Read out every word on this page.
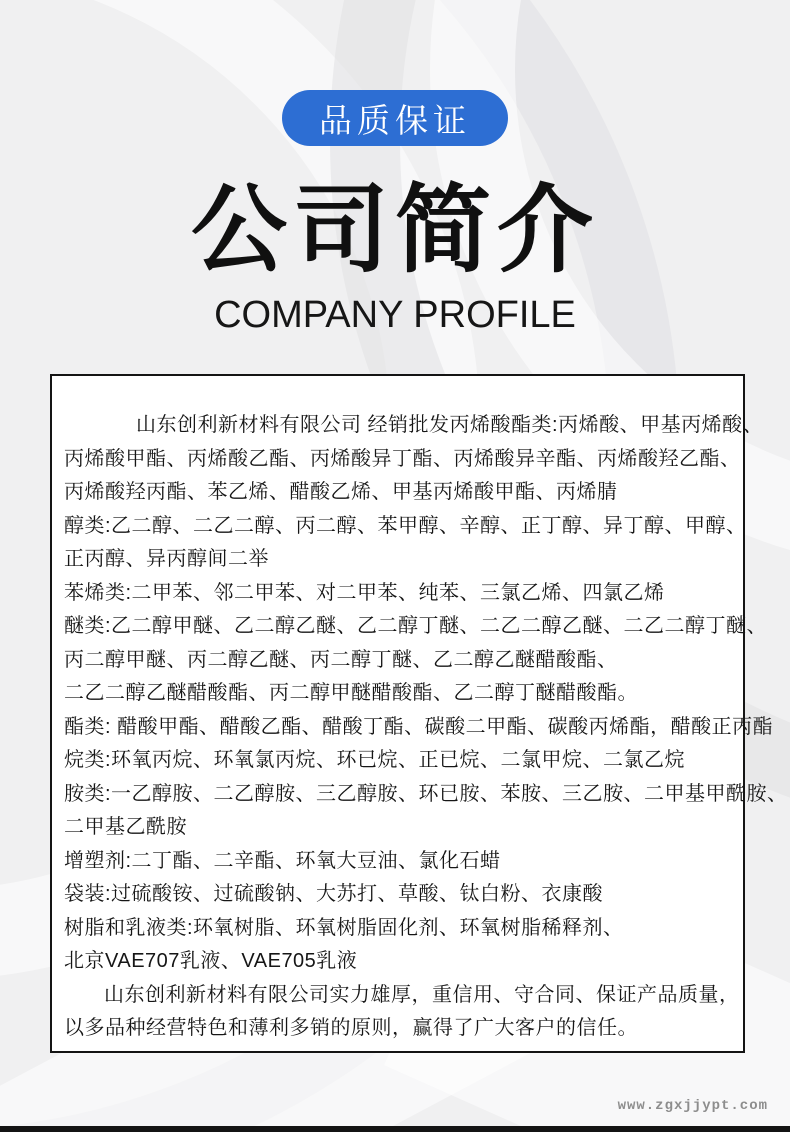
品质保证
公司简介
COMPANY PROFILE
山东创利新材料有限公司 经销批发丙烯酸酯类:丙烯酸、甲基丙烯酸、
丙烯酸甲酯、丙烯酸乙酯、丙烯酸异丁酯、丙烯酸异辛酯、丙烯酸羟乙酯、
丙烯酸羟丙酯、苯乙烯、醋酸乙烯、甲基丙烯酸甲酯、丙烯腈
醇类:乙二醇、二乙二醇、丙二醇、苯甲醇、辛醇、正丁醇、异丁醇、甲醇、
正丙醇、异丙醇间二举
苯烯类:二甲苯、邻二甲苯、对二甲苯、纯苯、三氯乙烯、四氯乙烯
醚类:乙二醇甲醚、乙二醇乙醚、乙二醇丁醚、二乙二醇乙醚、二乙二醇丁醚、
丙二醇甲醚、丙二醇乙醚、丙二醇丁醚、乙二醇乙醚醋酸酯、
二乙二醇乙醚醋酸酯、丙二醇甲醚醋酸酯、乙二醇丁醚醋酸酯。
酯类: 醋酸甲酯、醋酸乙酯、醋酸丁酯、碳酸二甲酯、碳酸丙烯酯，醋酸正丙酯
烷类:环氧丙烷、环氧氯丙烷、环已烷、正已烷、二氯甲烷、二氯乙烷
胺类:一乙醇胺、二乙醇胺、三乙醇胺、环已胺、苯胺、三乙胺、二甲基甲酰胺、
二甲基乙酰胺
增塑剂:二丁酯、二辛酯、环氧大豆油、氯化石蜡
袋装:过硫酸铵、过硫酸钠、大苏打、草酸、钛白粉、衣康酸
树脂和乳液类:环氧树脂、环氧树脂固化剂、环氧树脂稀释剂、
北京VAE707乳液、VAE705乳液
山东创利新材料有限公司实力雄厚，重信用、守合同、保证产品质量，
以多品种经营特色和薄利多销的原则，赢得了广大客户的信任。
www.zgxjjypt.com
